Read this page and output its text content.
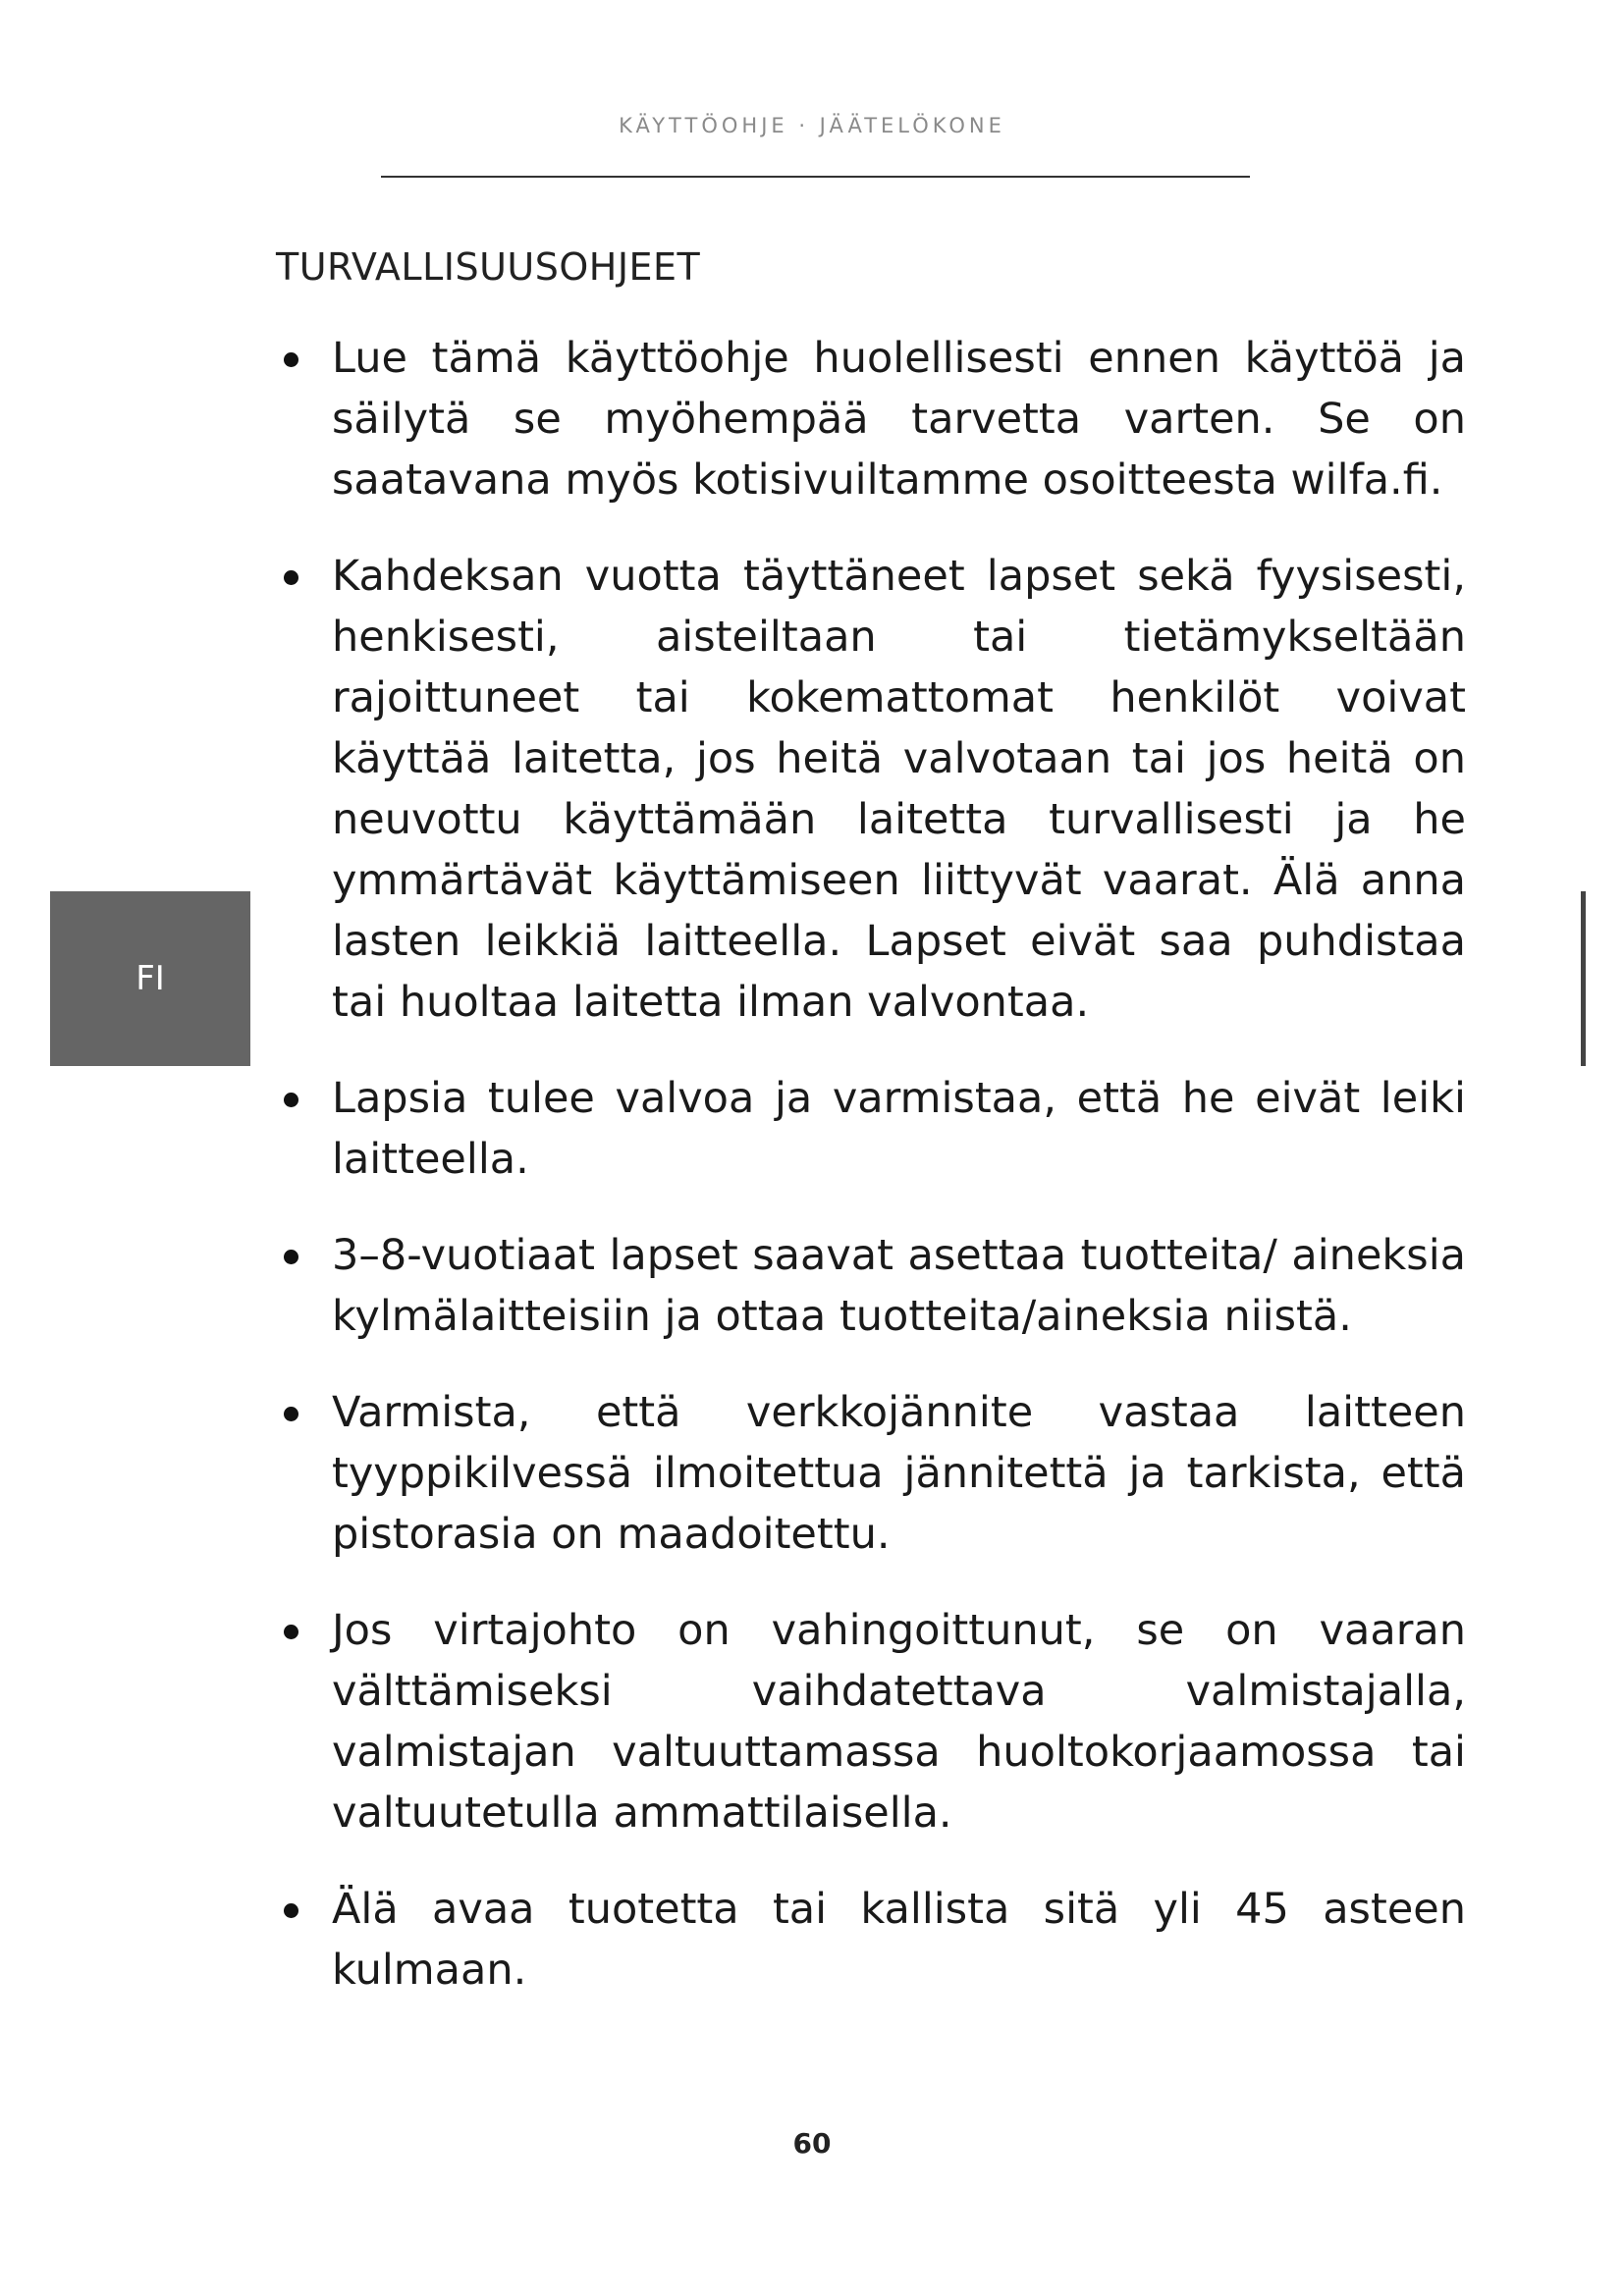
KÄYTTÖOHJE · JÄÄTELÖKONE
FI
TURVALLISUUSOHJEET
Lue tämä käyttöohje huolellisesti ennen käyttöä ja säilytä se myöhempää tarvetta varten. Se on saatavana myös kotisivuiltamme osoitteesta wilfa.fi.
Kahdeksan vuotta täyttäneet lapset sekä fyysisesti, henkisesti, aisteiltaan tai tietämykseltään rajoittuneet tai kokemattomat henkilöt voivat käyttää laitetta, jos heitä valvotaan tai jos heitä on neuvottu käyttämään laitetta turvallisesti ja he ymmärtävät käyttämiseen liittyvät vaarat. Älä anna lasten leikkiä laitteella. Lapset eivät saa puhdistaa tai huoltaa laitetta ilman valvontaa.
Lapsia tulee valvoa ja varmistaa, että he eivät leiki laitteella.
3–8-vuotiaat lapset saavat asettaa tuotteita/ aineksia kylmälaitteisiin ja ottaa tuotteita/aineksia niistä.
Varmista, että verkkojännite vastaa laitteen tyyppikilvessä ilmoitettua jännitettä ja tarkista, että pistorasia on maadoitettu.
Jos virtajohto on vahingoittunut, se on vaaran välttämiseksi vaihdatettava valmistajalla, valmistajan valtuuttamassa huoltokorjaamossa tai valtuutetulla ammattilaisella.
Älä avaa tuotetta tai kallista sitä yli 45 asteen kulmaan.
60
